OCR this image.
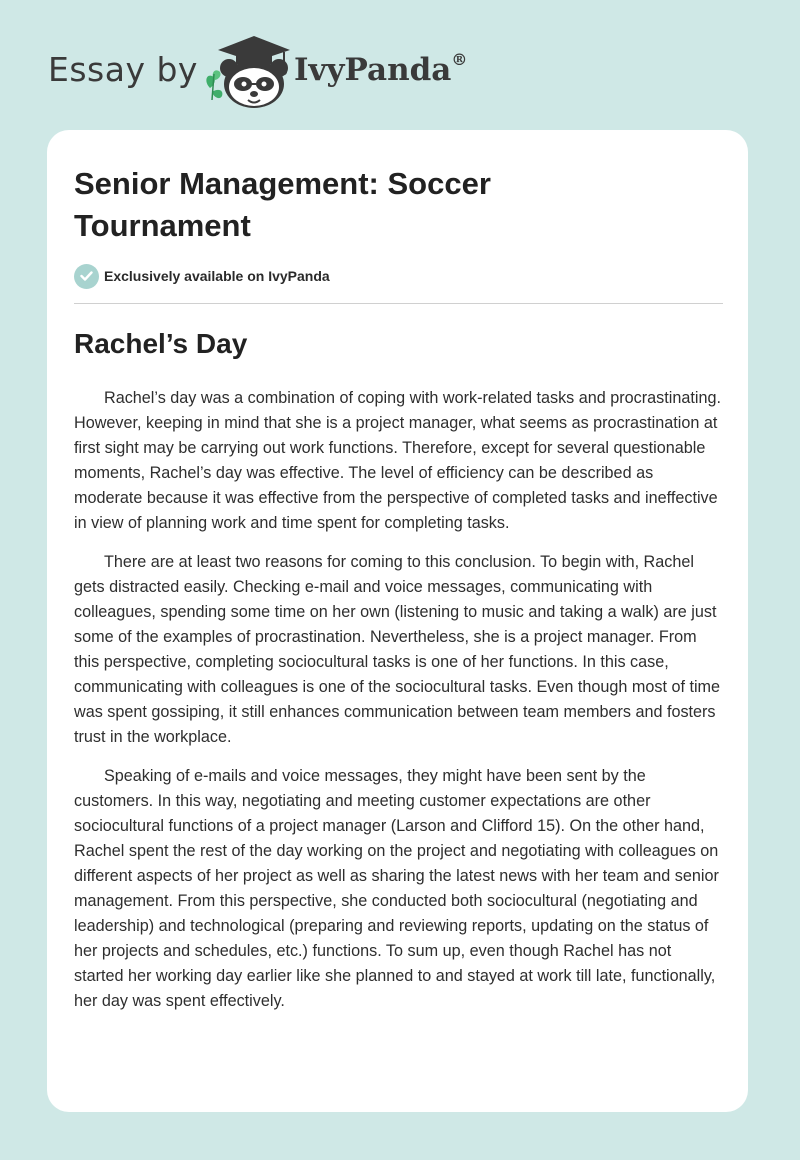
Essay by	IvyPanda®
Senior Management: Soccer Tournament
Exclusively available on IvyPanda
Rachel’s Day

Rachel’s day was a combination of coping with work-related tasks and procrastinating. However, keeping in mind that she is a project manager, what seems as procrastination at first sight may be carrying out work functions. Therefore, except for several questionable moments, Rachel’s day was effective. The level of efficiency can be described as moderate because it was effective from the perspective of completed tasks and ineffective in view of planning work and time spent for completing tasks.

There are at least two reasons for coming to this conclusion. To begin with, Rachel gets distracted easily. Checking e-mail and voice messages, communicating with colleagues, spending some time on her own (listening to music and taking a walk) are just some of the examples of procrastination. Nevertheless, she is a project manager. From this perspective, completing sociocultural tasks is one of her functions. In this case, communicating with colleagues is one of the sociocultural tasks. Even though most of time was spent gossiping, it still enhances communication between team members and fosters trust in the workplace.

Speaking of e-mails and voice messages, they might have been sent by the customers. In this way, negotiating and meeting customer expectations are other sociocultural functions of a project manager (Larson and Clifford 15). On the other hand, Rachel spent the rest of the day working on the project and negotiating with colleagues on different aspects of her project as well as sharing the latest news with her team and senior management. From this perspective, she conducted both sociocultural (negotiating and leadership) and technological (preparing and reviewing reports, updating on the status of her projects and schedules, etc.) functions. To sum up, even though Rachel has not started her working day earlier like she planned to and stayed at work till late, functionally, her day was spent effectively.
